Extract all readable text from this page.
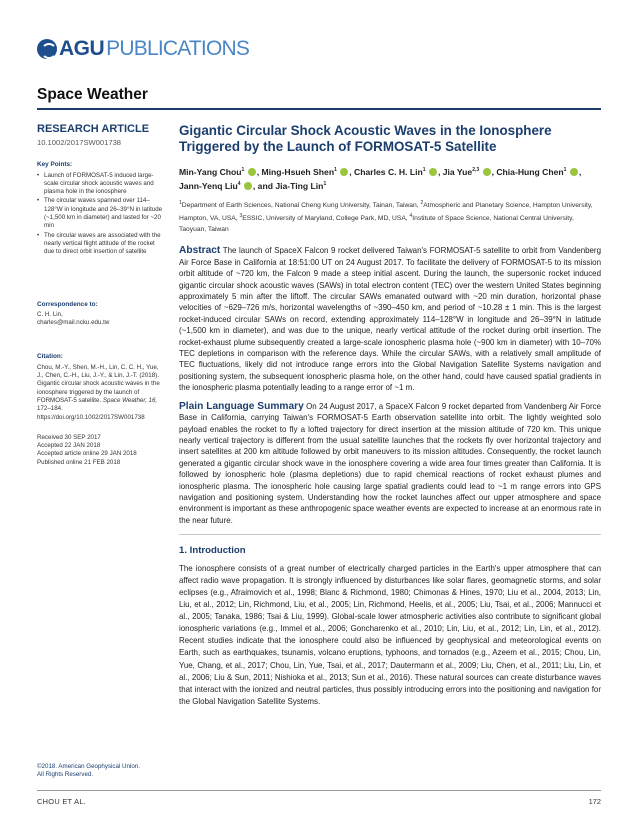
AGU PUBLICATIONS
Space Weather
RESEARCH ARTICLE
10.1002/2017SW001738
Key Points:
• Launch of FORMOSAT-5 induced large-scale circular shock acoustic waves and plasma hole in the ionosphere
• The circular waves spanned over 114–128°W in longitude and 26–39°N in latitude (~1,500 km in diameter) and lasted for ~20 min
• The circular waves are associated with the nearly vertical flight attitude of the rocket due to direct orbit insertion of satellite
Correspondence to:
C. H. Lin,
charles@mail.ncku.edu.tw
Citation:
Chou, M.-Y., Shen, M.-H., Lin, C. C. H., Yue, J., Chen, C.-H., Liu, J.-Y., & Lin, J.-T. (2018). Gigantic circular shock acoustic waves in the ionosphere triggered by the launch of FORMOSAT-5 satellite. Space Weather, 16, 172–184. https://doi.org/10.1002/2017SW001738
Received 30 SEP 2017
Accepted 22 JAN 2018
Accepted article online 29 JAN 2018
Published online 21 FEB 2018
©2018. American Geophysical Union.
All Rights Reserved.
Gigantic Circular Shock Acoustic Waves in the Ionosphere Triggered by the Launch of FORMOSAT-5 Satellite
Min-Yang Chou$^1$ , Ming-Hsueh Shen$^1$ , Charles C. H. Lin$^1$ , Jia Yue$^{2,3}$ , Chia-Hung Chen$^1$ ,
Jann-Yenq Liu$^4$ , and Jia-Ting Lin$^1$
$^1$Department of Earth Sciences, National Cheng Kung University, Tainan, Taiwan, $^2$Atmospheric and Planetary Science, Hampton University, Hampton, VA, USA, $^3$ESSIC, University of Maryland, College Park, MD, USA, $^4$Institute of Space Science, National Central University, Taoyuan, Taiwan

Abstract The launch of SpaceX Falcon 9 rocket delivered Taiwan's FORMOSAT-5 satellite to orbit from Vandenberg Air Force Base in California at 18:51:00 UT on 24 August 2017. To facilitate the delivery of FORMOSAT-5 to its mission orbit altitude of ~720 km, the Falcon 9 made a steep initial ascent. During the launch, the supersonic rocket induced gigantic circular shock acoustic waves (SAWs) in total electron content (TEC) over the western United States beginning approximately 5 min after the liftoff. The circular SAWs emanated outward with ~20 min duration, horizontal phase velocities of ~629–726 m/s, horizontal wavelengths of ~390–450 km, and period of ~10.28 ± 1 min. This is the largest rocket-induced circular SAWs on record, extending approximately 114–128°W in longitude and 26–39°N in latitude (~1,500 km in diameter), and was due to the unique, nearly vertical attitude of the rocket during orbit insertion. The rocket-exhaust plume subsequently created a large-scale ionospheric plasma hole (~900 km in diameter) with 10–70% TEC depletions in comparison with the reference days. While the circular SAWs, with a relatively small amplitude of TEC fluctuations, likely did not introduce range errors into the Global Navigation Satellite Systems navigation and positioning system, the subsequent ionospheric plasma hole, on the other hand, could have caused spatial gradients in the ionospheric plasma potentially leading to a range error of ~1 m.

Plain Language Summary On 24 August 2017, a SpaceX Falcon 9 rocket departed from Vandenberg Air Force Base in California, carrying Taiwan's FORMOSAT-5 Earth observation satellite into orbit. The lightly weighted solo payload enables the rocket to fly a lofted trajectory for direct insertion at the mission altitude of 720 km. This unique nearly vertical trajectory is different from the usual satellite launches that the rockets fly over horizontal trajectory and insert satellites at 200 km altitude followed by orbit maneuvers to its mission altitudes. Consequently, the rocket launch generated a gigantic circular shock wave in the ionosphere covering a wide area four times greater than California. It is followed by ionospheric hole (plasma depletions) due to rapid chemical reactions of rocket exhaust plumes and ionospheric plasma. The ionospheric hole causing large spatial gradients could lead to ~1 m range errors into GPS navigation and positioning system. Understanding how the rocket launches affect our upper atmosphere and space environment is important as these anthropogenic space weather events are expected to increase at an enormous rate in the near future.

1. Introduction

The ionosphere consists of a great number of electrically charged particles in the Earth's upper atmosphere that can affect radio wave propagation. It is strongly influenced by disturbances like solar flares, geomagnetic storms, and solar eclipses (e.g., Afraimovich et al., 1998; Blanc & Richmond, 1980; Chimonas & Hines, 1970; Liu et al., 2004, 2013; Lin, Liu, et al., 2012; Lin, Richmond, Liu, et al., 2005; Lin, Richmond, Heelis, et al., 2005; Liu, Tsai, et al., 2006; Mannucci et al., 2005; Tanaka, 1986; Tsai & Liu, 1999). Global-scale lower atmospheric activities also contribute to significant global ionospheric variations (e.g., Immel et al., 2006; Goncharenko et al., 2010; Lin, Liu, et al., 2012; Lin, Lin, et al., 2012). Recent studies indicate that the ionosphere could also be influenced by geophysical and meteorological events on Earth, such as earthquakes, tsunamis, volcano eruptions, typhoons, and tornados (e.g., Azeem et al., 2015; Chou, Lin, Yue, Chang, et al., 2017; Chou, Lin, Yue, Tsai, et al., 2017; Dautermann et al., 2009; Liu, Chen, et al., 2011; Liu, Lin, et al., 2006; Liu & Sun, 2011; Nishioka et al., 2013; Sun et al., 2016). These natural sources can create disturbance waves that interact with the ionized and neutral particles, thus possibly introducing errors into the positioning and navigation for the Global Navigation Satellite Systems.

CHOU ET AL.	172
